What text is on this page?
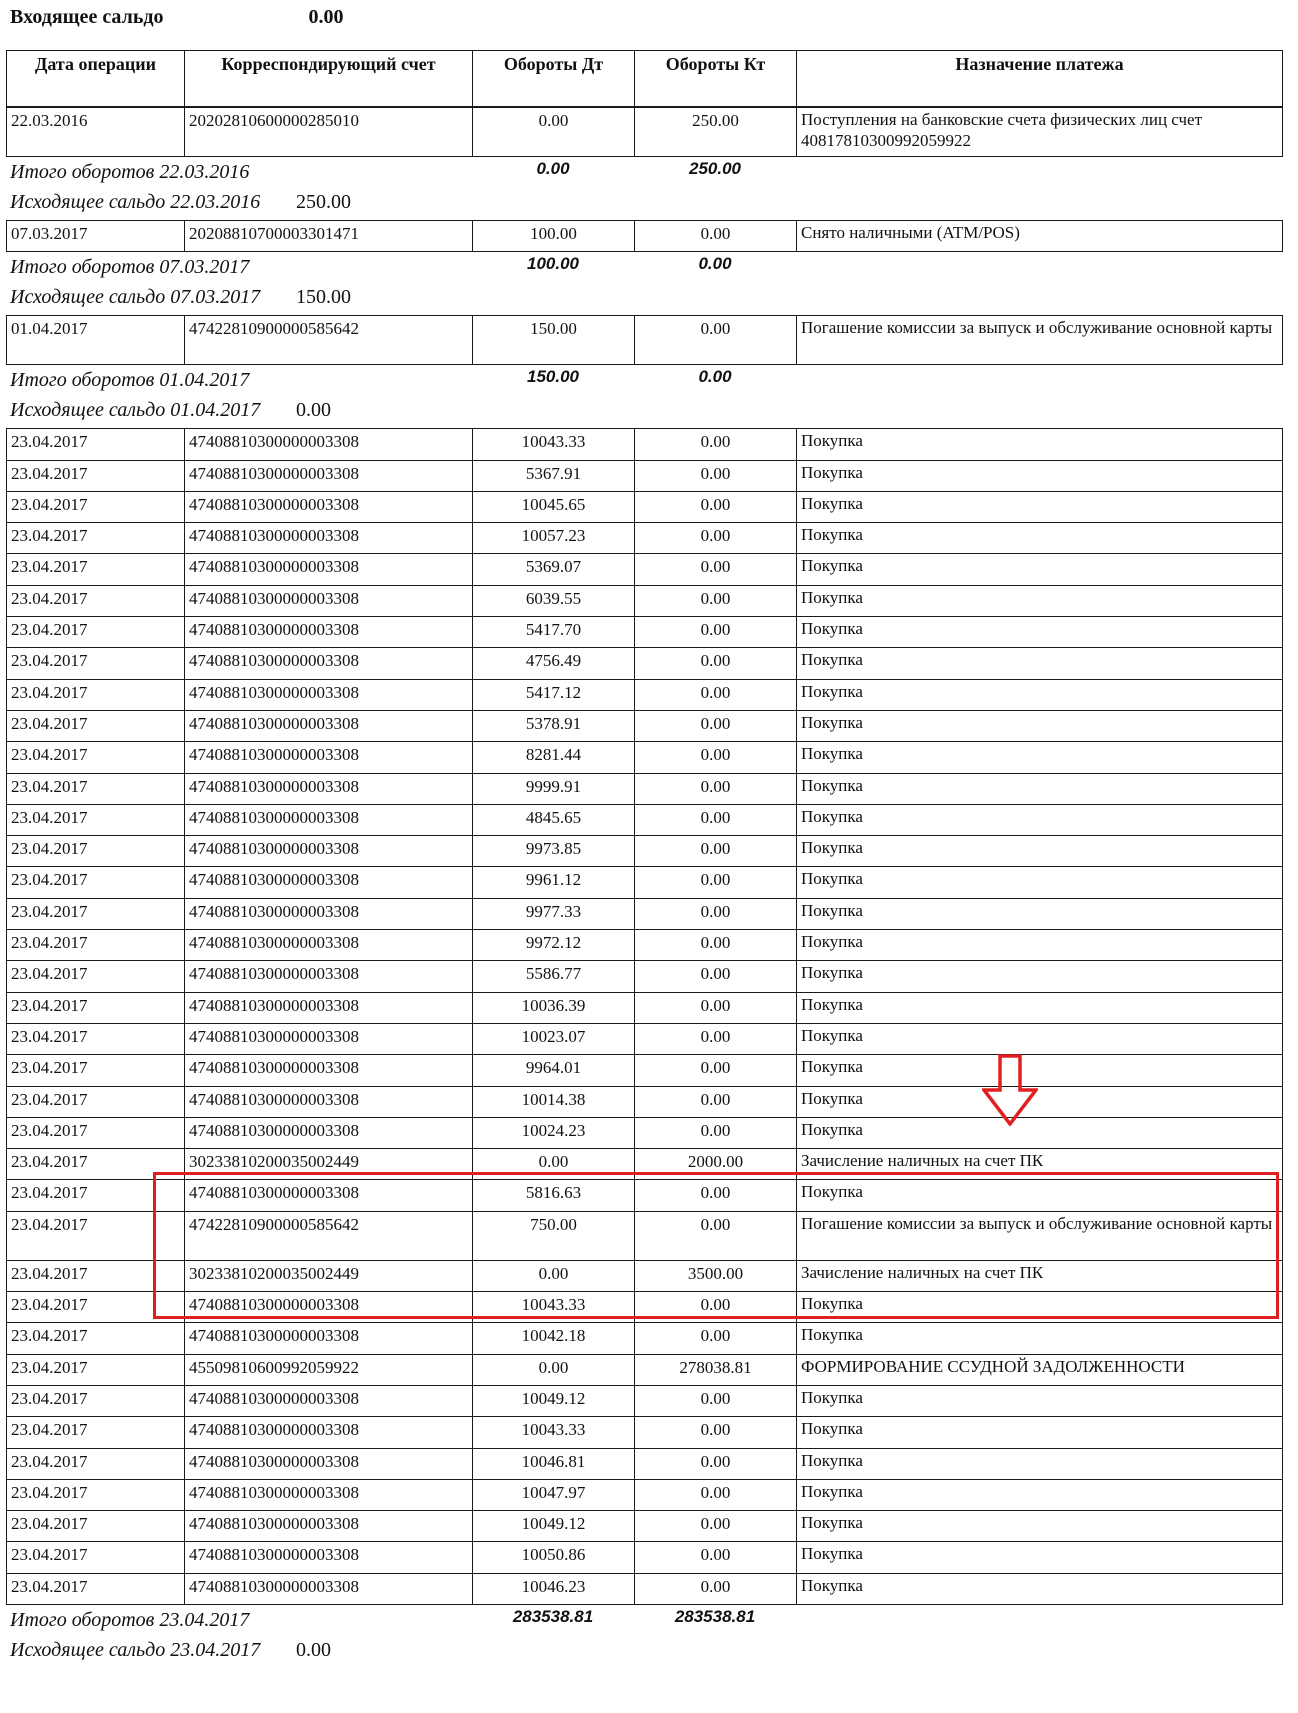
Входящее сальдо	0.00
Дата операции	Корреспондирующий счет	Обороты Дт	Обороты Кт	Назначение платежа
22.03.2016	20202810600000285010	0.00	250.00	Поступления на банковские счета физических лиц счет 40817810300992059922
Итого оборотов 22.03.2016	0.00	250.00
Исходящее сальдо 22.03.2016 250.00
07.03.2017	20208810700003301471	100.00	0.00	Снято наличными (ATM/POS)
Итого оборотов 07.03.2017	100.00	0.00
Исходящее сальдо 07.03.2017 150.00
01.04.2017	47422810900000585642	150.00	0.00	Погашение комиссии за выпуск и обслуживание основной карты
Итого оборотов 01.04.2017	150.00	0.00
Исходящее сальдо 01.04.2017 0.00
23.04.2017	47408810300000003308	10043.33	0.00	Покупка
23.04.2017	47408810300000003308	5367.91	0.00	Покупка
23.04.2017	47408810300000003308	10045.65	0.00	Покупка
23.04.2017	47408810300000003308	10057.23	0.00	Покупка
23.04.2017	47408810300000003308	5369.07	0.00	Покупка
23.04.2017	47408810300000003308	6039.55	0.00	Покупка
23.04.2017	47408810300000003308	5417.70	0.00	Покупка
23.04.2017	47408810300000003308	4756.49	0.00	Покупка
23.04.2017	47408810300000003308	5417.12	0.00	Покупка
23.04.2017	47408810300000003308	5378.91	0.00	Покупка
23.04.2017	47408810300000003308	8281.44	0.00	Покупка
23.04.2017	47408810300000003308	9999.91	0.00	Покупка
23.04.2017	47408810300000003308	4845.65	0.00	Покупка
23.04.2017	47408810300000003308	9973.85	0.00	Покупка
23.04.2017	47408810300000003308	9961.12	0.00	Покупка
23.04.2017	47408810300000003308	9977.33	0.00	Покупка
23.04.2017	47408810300000003308	9972.12	0.00	Покупка
23.04.2017	47408810300000003308	5586.77	0.00	Покупка
23.04.2017	47408810300000003308	10036.39	0.00	Покупка
23.04.2017	47408810300000003308	10023.07	0.00	Покупка
23.04.2017	47408810300000003308	9964.01	0.00	Покупка
23.04.2017	47408810300000003308	10014.38	0.00	Покупка
23.04.2017	47408810300000003308	10024.23	0.00	Покупка
23.04.2017	30233810200035002449	0.00	2000.00	Зачисление наличных на счет ПК
23.04.2017	47408810300000003308	5816.63	0.00	Покупка
23.04.2017	47422810900000585642	750.00	0.00	Погашение комиссии за выпуск и обслуживание основной карты
23.04.2017	30233810200035002449	0.00	3500.00	Зачисление наличных на счет ПК
23.04.2017	47408810300000003308	10043.33	0.00	Покупка
23.04.2017	47408810300000003308	10042.18	0.00	Покупка
23.04.2017	45509810600992059922	0.00	278038.81	ФОРМИРОВАНИЕ ССУДНОЙ ЗАДОЛЖЕННОСТИ
23.04.2017	47408810300000003308	10049.12	0.00	Покупка
23.04.2017	47408810300000003308	10043.33	0.00	Покупка
23.04.2017	47408810300000003308	10046.81	0.00	Покупка
23.04.2017	47408810300000003308	10047.97	0.00	Покупка
23.04.2017	47408810300000003308	10049.12	0.00	Покупка
23.04.2017	47408810300000003308	10050.86	0.00	Покупка
23.04.2017	47408810300000003308	10046.23	0.00	Покупка
Итого оборотов 23.04.2017	283538.81	283538.81
Исходящее сальдо 23.04.2017 0.00
